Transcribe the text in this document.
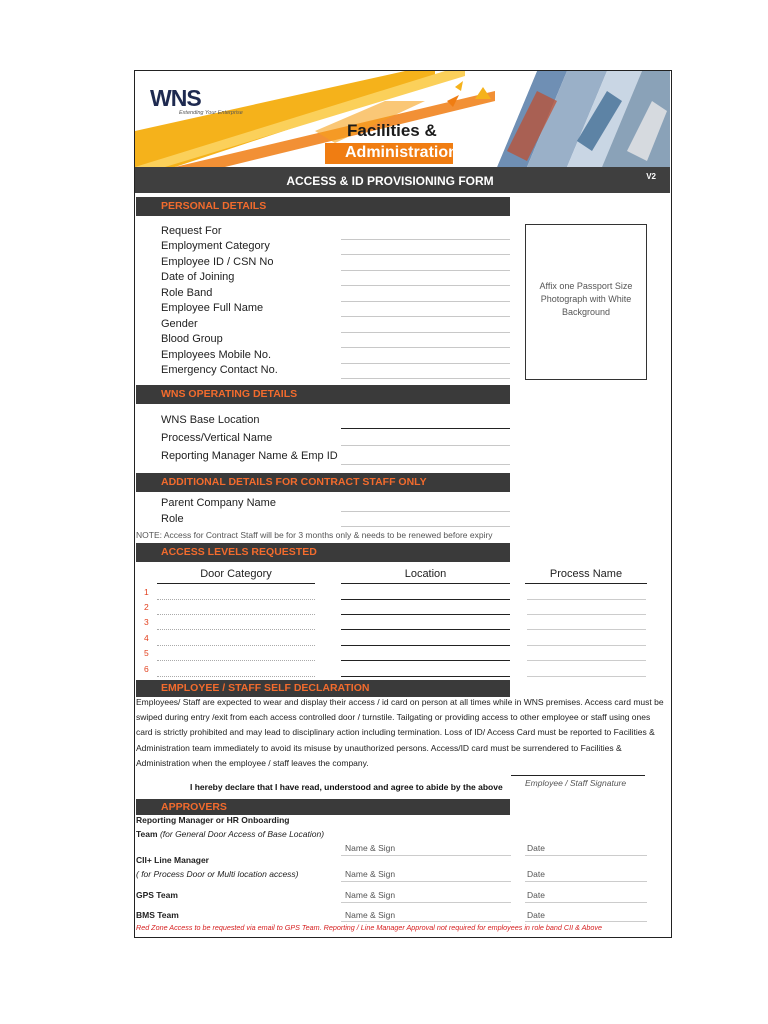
WNS
Extending Your Enterprise
Facilities &
Administration
ACCESS & ID PROVISIONING FORM	V2
PERSONAL DETAILS
Request For
Employment Category
Employee ID / CSN No
Date of Joining
Role Band
Employee Full Name
Gender
Blood Group
Employees Mobile No.
Emergency Contact No.
Affix one Passport Size Photograph with White Background
WNS OPERATING DETAILS
WNS Base Location
Process/Vertical Name
Reporting Manager Name & Emp ID
ADDITIONAL DETAILS FOR CONTRACT STAFF ONLY
Parent Company Name
Role
NOTE: Access for Contract Staff will be for 3 months only & needs to be renewed before expiry
ACCESS LEVELS REQUESTED
Door Category	Location	Process Name
1
2
3
4
5
6
EMPLOYEE / STAFF SELF DECLARATION
Employees/ Staff are expected to wear and display their access / id card on person at all times while in WNS premises. Access card must be swiped during entry /exit from each access controlled door / turnstile. Tailgating or providing access to other employee or staff using ones card is strictly prohibited and may lead to disciplinary action including termination. Loss of ID/ Access Card must be reported to Facilities & Administration team immediately to avoid its misuse by unauthorized persons. Access/ID card must be surrendered to Facilities & Administration when the employee / staff leaves the company.
I hereby declare that I have read, understood and agree to abide by the above	Employee / Staff Signature
APPROVERS
Reporting Manager or HR Onboarding
Team (for General Door Access of Base Location)
Name & Sign	Date
CII+ Line Manager
( for Process Door or Multi location access)	Name & Sign	Date
GPS Team	Name & Sign	Date
BMS Team	Name & Sign	Date
Red Zone Access to be requested via email to GPS Team. Reporting / Line Manager Approval not required for employees in role band CII & Above
